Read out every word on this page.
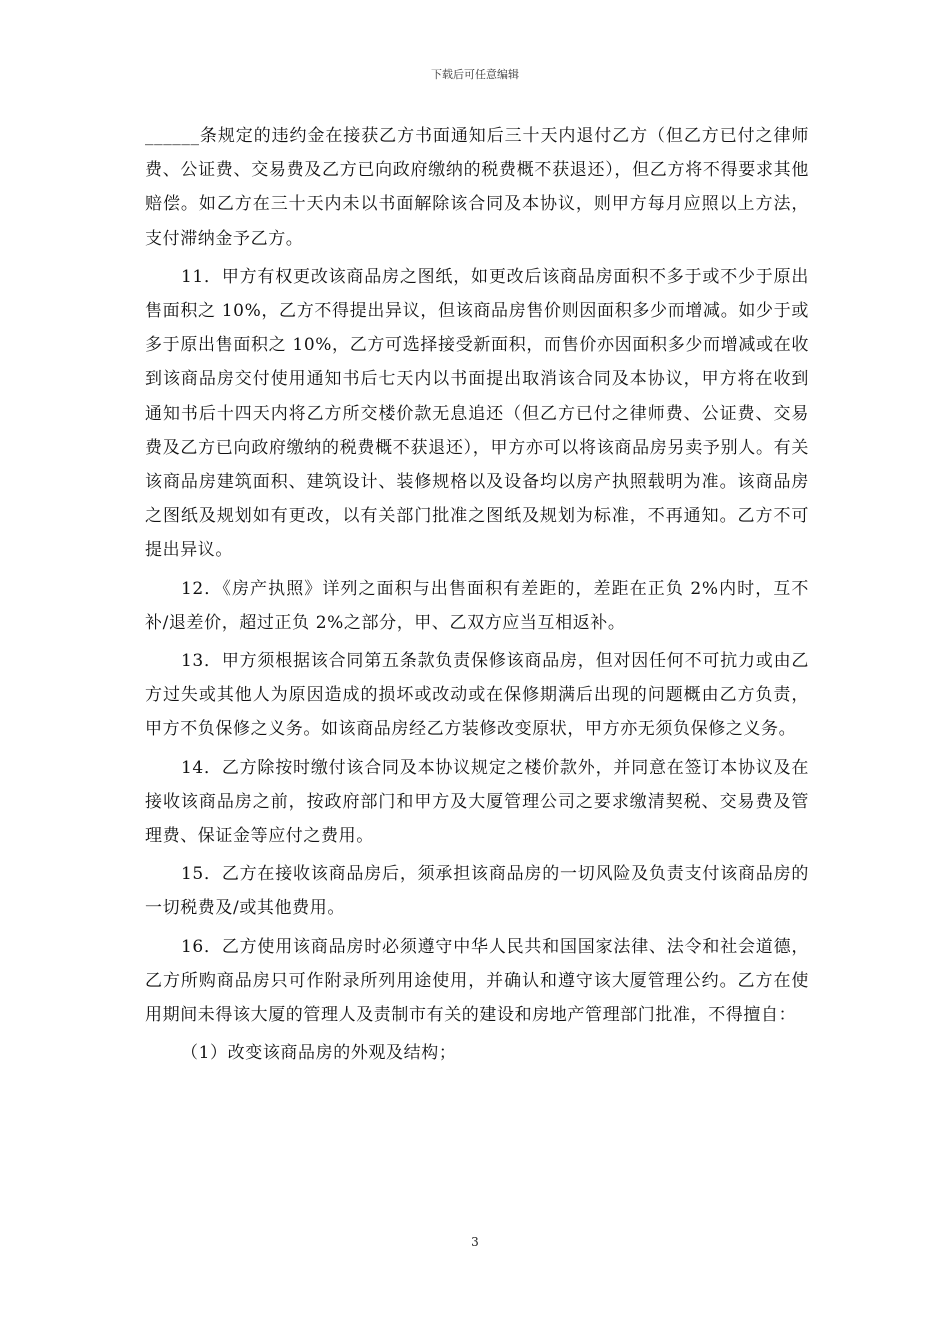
下载后可任意编辑

______条规定的违约金在接获乙方书面通知后三十天内退付乙方（但乙方已付之律师费、公证费、交易费及乙方已向政府缴纳的税费概不获退还），但乙方将不得要求其他赔偿。如乙方在三十天内未以书面解除该合同及本协议，则甲方每月应照以上方法，支付滞纳金予乙方。

11．甲方有权更改该商品房之图纸，如更改后该商品房面积不多于或不少于原出售面积之 10%，乙方不得提出异议，但该商品房售价则因面积多少而增减。如少于或多于原出售面积之 10%，乙方可选择接受新面积，而售价亦因面积多少而增减或在收到该商品房交付使用通知书后七天内以书面提出取消该合同及本协议，甲方将在收到通知书后十四天内将乙方所交楼价款无息追还（但乙方已付之律师费、公证费、交易费及乙方已向政府缴纳的税费概不获退还），甲方亦可以将该商品房另卖予别人。有关该商品房建筑面积、建筑设计、装修规格以及设备均以房产执照载明为准。该商品房之图纸及规划如有更改，以有关部门批准之图纸及规划为标准，不再通知。乙方不可提出异议。

12．《房产执照》详列之面积与出售面积有差距的，差距在正负 2%内时，互不补/退差价，超过正负 2%之部分，甲、乙双方应当互相返补。

13．甲方须根据该合同第五条款负责保修该商品房，但对因任何不可抗力或由乙方过失或其他人为原因造成的损坏或改动或在保修期满后出现的问题概由乙方负责，甲方不负保修之义务。如该商品房经乙方装修改变原状，甲方亦无须负保修之义务。

14．乙方除按时缴付该合同及本协议规定之楼价款外，并同意在签订本协议及在接收该商品房之前，按政府部门和甲方及大厦管理公司之要求缴清契税、交易费及管理费、保证金等应付之费用。

15．乙方在接收该商品房后，须承担该商品房的一切风险及负责支付该商品房的一切税费及/或其他费用。

16．乙方使用该商品房时必须遵守中华人民共和国国家法律、法令和社会道德，乙方所购商品房只可作附录所列用途使用，并确认和遵守该大厦管理公约。乙方在使用期间未得该大厦的管理人及责制市有关的建设和房地产管理部门批准，不得擅自：

（1）改变该商品房的外观及结构；

3
